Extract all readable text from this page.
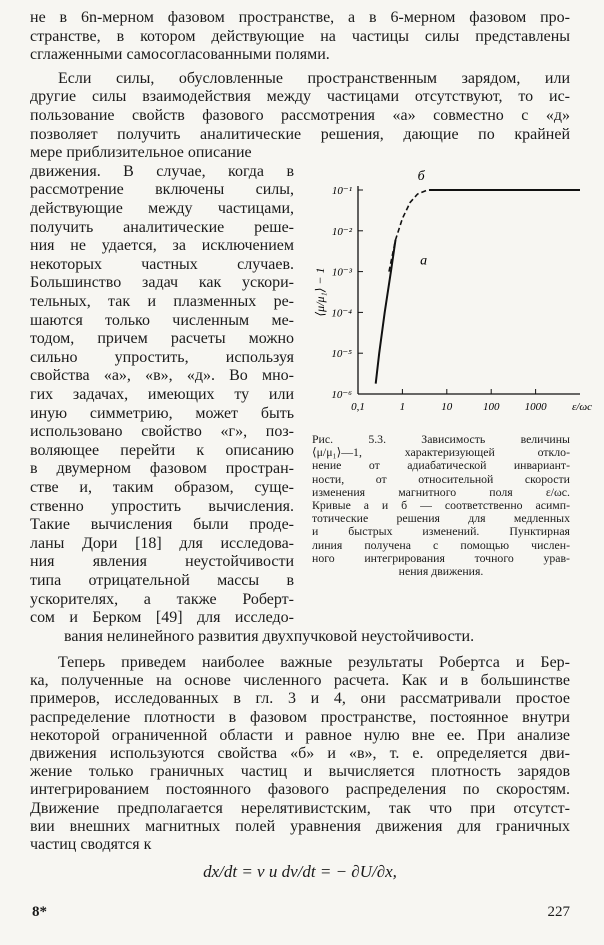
не в 6n-мерном фазовом пространстве, а в 6-мерном фазовом про-
странстве, в котором действующие на частицы силы представлены
сглаженными самосогласованными полями.
Если силы, обусловленные пространственным зарядом, или
другие силы взаимодействия между частицами отсутствуют, то ис-
пользование свойств фазового рассмотрения «а» совместно с «д»
позволяет получить аналитические решения, дающие по крайней
мере приблизительное описание
движения. В случае, когда в
рассмотрение включены силы,
действующие между частицами,
получить аналитические реше-
ния не удается, за исключением
некоторых частных случаев.
Большинство задач как ускори-
тельных, так и плазменных ре-
шаются только численным ме-
тодом, причем расчеты можно
сильно упростить, используя
свойства «а», «в», «д». Во мно-
гих задачах, имеющих ту или
иную симметрию, может быть
использовано свойство «г», поз-
воляющее перейти к описанию
в двумерном фазовом простран-
стве и, таким образом, суще-
ственно упростить вычисления.
Такие вычисления были проде-
ланы Дори [18] для исследова-
ния явления неустойчивости
типа отрицательной массы в
ускорителях, а также Роберт-
сом и Берком [49] для исследо-
вания нелинейного развития двухпучковой неустойчивости.
10⁻¹
10⁻²
10⁻³
10⁻⁴
10⁻⁵
10⁻⁶
0,1	1	10	100 1000 ε/ωc
⟨μ/μ₁⟩ − 1
б
a
Рис. 5.3. Зависимость величины
⟨μ/μ₁⟩—1, характеризующей откло-
нение от адиабатической инвариант-
ности, от относительной скорости
изменения магнитного поля ε/ωc.
Кривые а и б — соответственно асимп-
тотические решения для медленных
и быстрых изменений. Пунктирная
линия получена с помощью числен-
ного интегрирования точного урав-
нения движения.
Теперь приведем наиболее важные результаты Робертса и Бер-
ка, полученные на основе численного расчета. Как и в большинстве
примеров, исследованных в гл. 3 и 4, они рассматривали простое
распределение плотности в фазовом пространстве, постоянное внутри
некоторой ограниченной области и равное нулю вне ее. При анализе
движения используются свойства «б» и «в», т. е. определяется дви-
жение только граничных частиц и вычисляется плотность зарядов
интегрированием постоянного фазового распределения по скоростям.
Движение предполагается нерелятивистским, так что при отсутст-
вии внешних магнитных полей уравнения движения для граничных
частиц сводятся к
dx/dt = v и dv/dt = − ∂U/∂x,
8*	227
